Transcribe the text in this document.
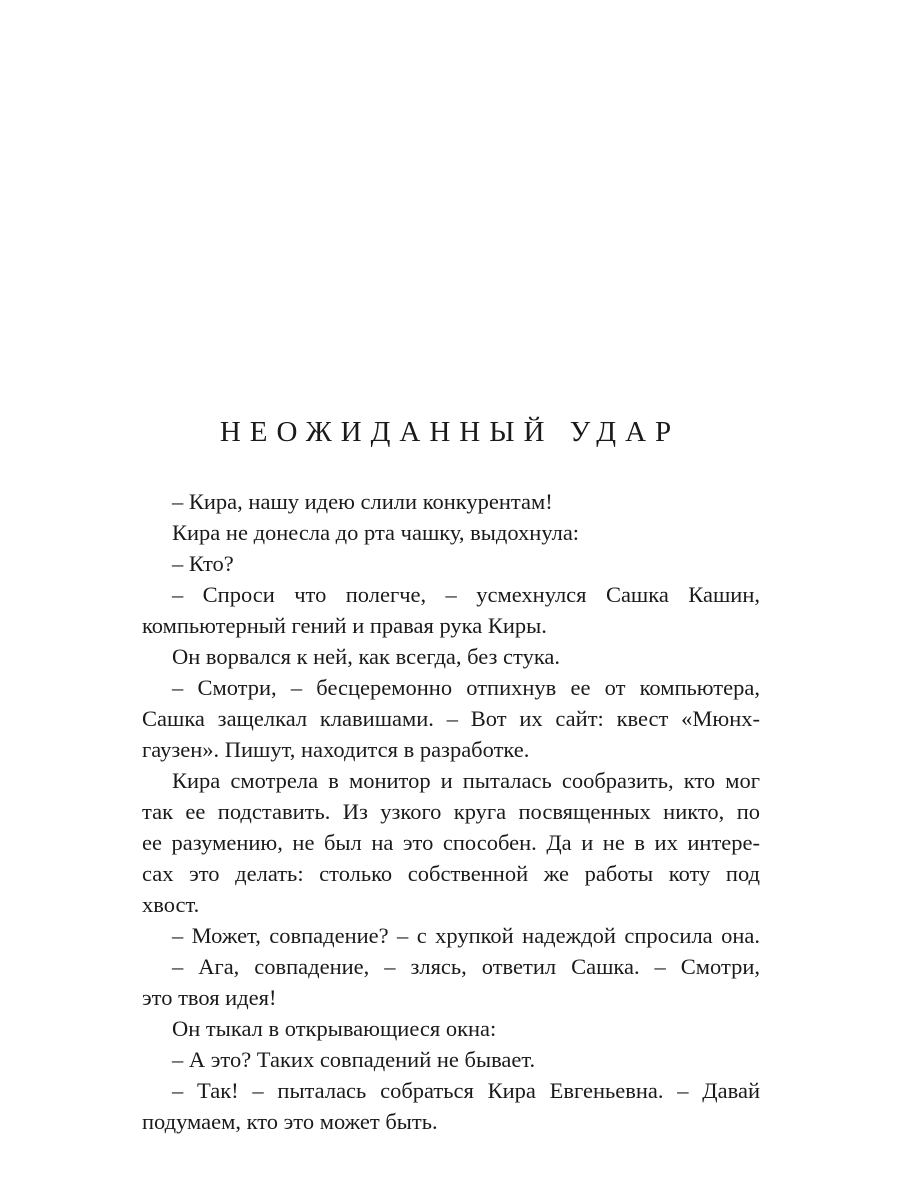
НЕОЖИДАННЫЙ УДАР
– Кира, нашу идею слили конкурентам!
Кира не донесла до рта чашку, выдохнула:
– Кто?
– Спроси что полегче, – усмехнулся Сашка Кашин,
компьютерный гений и правая рука Киры.
Он ворвался к ней, как всегда, без стука.
– Смотри, – бесцеремонно отпихнув ее от компьютера,
Сашка защелкал клавишами. – Вот их сайт: квест «Мюнх-
гаузен». Пишут, находится в разработке.
Кира смотрела в монитор и пыталась сообразить, кто мог
так ее подставить. Из узкого круга посвященных никто, по
ее разумению, не был на это способен. Да и не в их интере-
сах это делать: столько собственной же работы коту под
хвост.
– Может, совпадение? – с хрупкой надеждой спросила она.
– Ага, совпадение, – злясь, ответил Сашка. – Смотри,
это твоя идея!
Он тыкал в открывающиеся окна:
– А это? Таких совпадений не бывает.
– Так! – пыталась собраться Кира Евгеньевна. – Давай
подумаем, кто это может быть.
